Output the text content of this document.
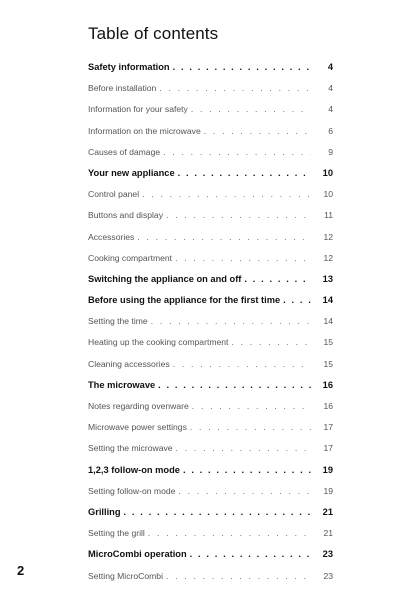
Table of contents
Safety information . . .	4
Before installation . . .	4
Information for your safety . . .	4
Information on the microwave . . .	6
Causes of damage . . .	9
Your new appliance . . .	10
Control panel . . .	10
Buttons and display . . .	11
Accessories . . .	12
Cooking compartment . . .	12
Switching the appliance on and off . . .	13
Before using the appliance for the first time . . .	14
Setting the time . . .	14
Heating up the cooking compartment . . .	15
Cleaning accessories . . .	15
The microwave . . .	16
Notes regarding ovenware . . .	16
Microwave power settings . . .	17
Setting the microwave . . .	17
1,2,3 follow-on mode . . .	19
Setting follow-on mode . . .	19
Grilling . . .	21
Setting the grill . . .	21
MicroCombi operation . . .	23
Setting MicroCombi . . .	23
2
